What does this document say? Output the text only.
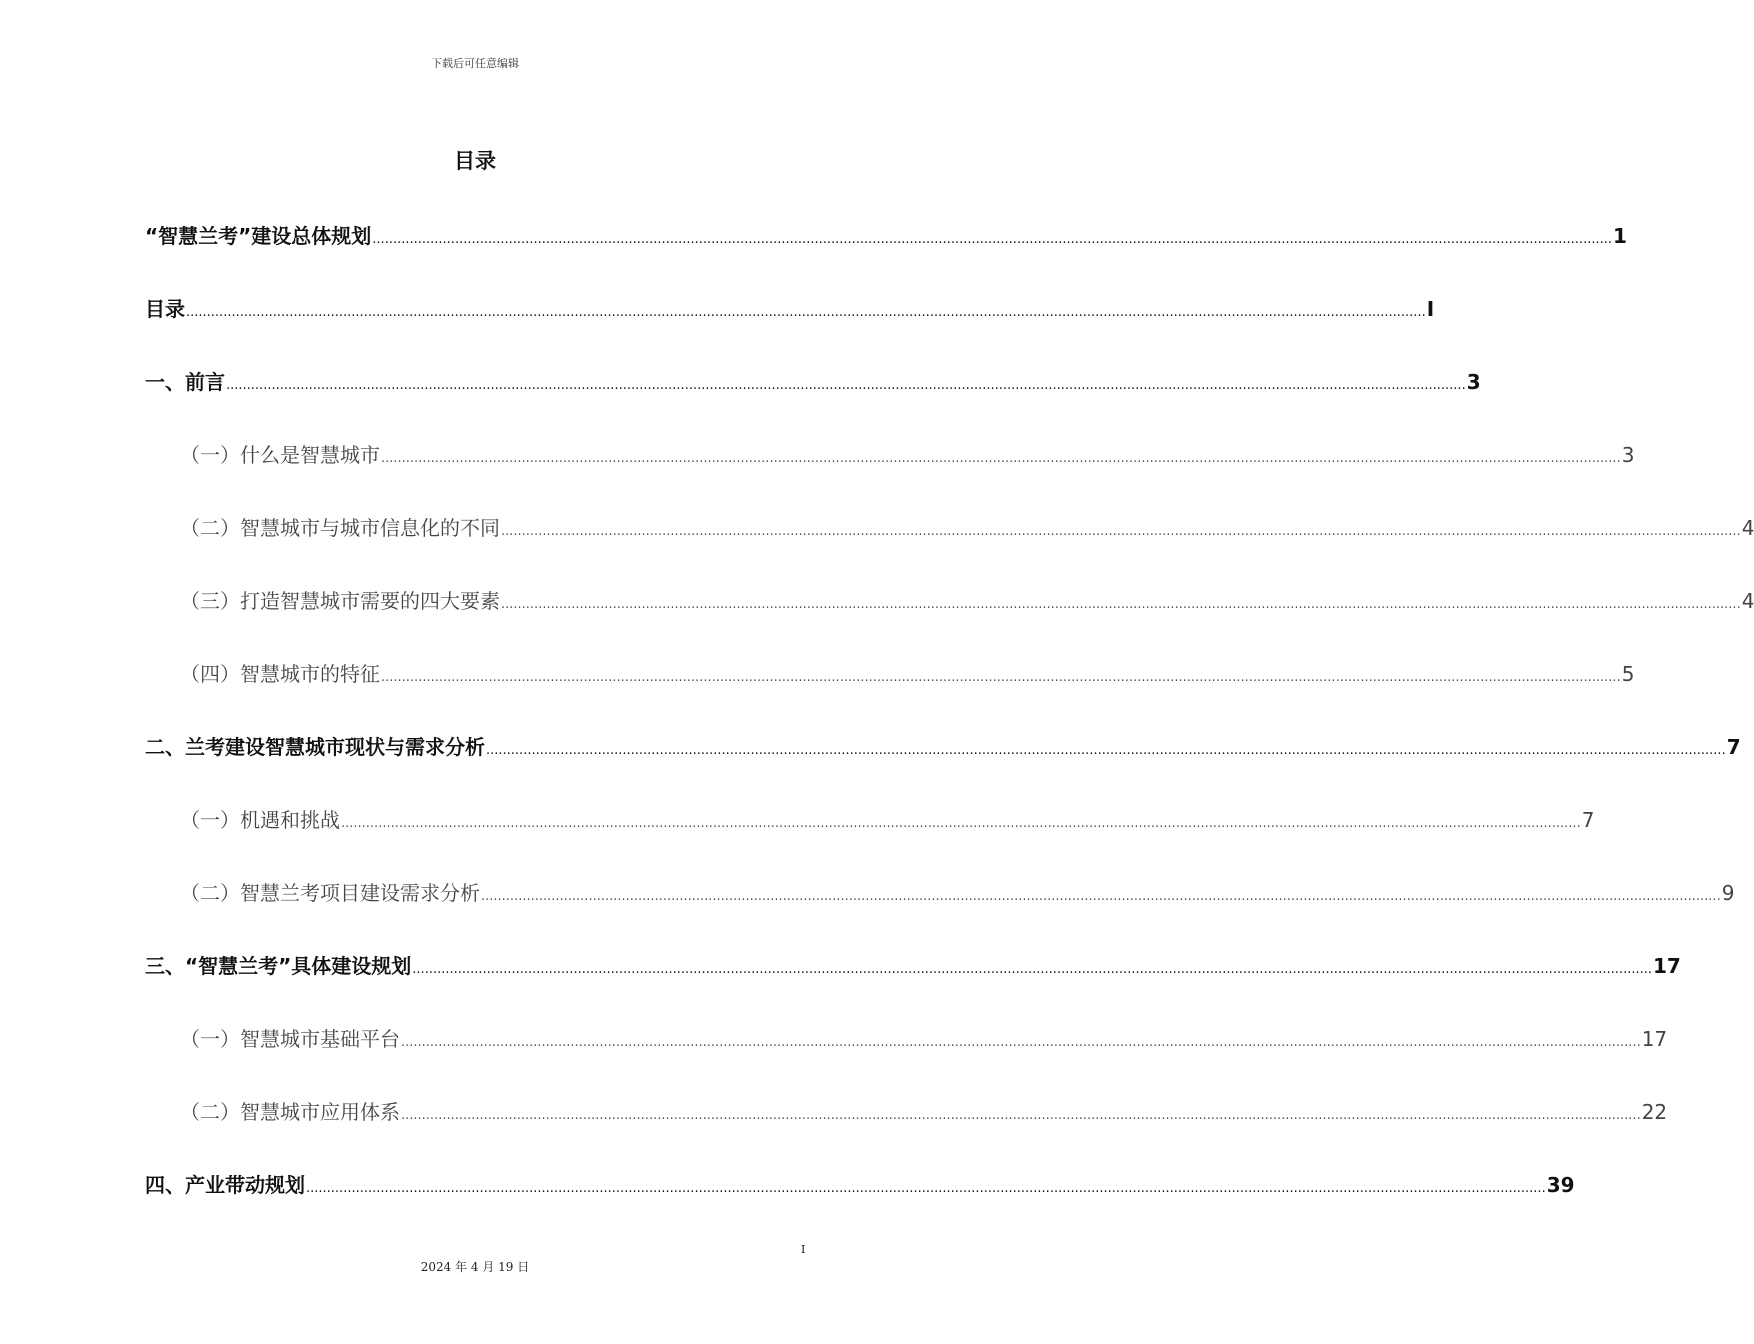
下载后可任意编辑
目录
“智慧兰考”建设总体规划 ............................................................................................................................................................................................................................................................................................................ 1
目录 ............................................................................................................................................................................................................................................................................................................ I
一、 前言 ............................................................................................................................................................................................................................................................................................................ 3
（一） 什么是智慧城市 ............................................................................................................................................................................................................................................................................................................ 3
（二） 智慧城市与城市信息化的不同 ............................................................................................................................................................................................................................................................................................................ 4
（三） 打造智慧城市需要的四大要素 ............................................................................................................................................................................................................................................................................................................ 4
（四） 智慧城市的特征 ............................................................................................................................................................................................................................................................................................................ 5
二、 兰考建设智慧城市现状与需求分析 ............................................................................................................................................................................................................................................................................................................ 7
（一） 机遇和挑战 ............................................................................................................................................................................................................................................................................................................ 7
（二） 智慧兰考项目建设需求分析 ............................................................................................................................................................................................................................................................................................................ 9
三、 “智慧兰考”具体建设规划 ............................................................................................................................................................................................................................................................................................................ 17
（一） 智慧城市基础平台 ............................................................................................................................................................................................................................................................................................................ 17
（二） 智慧城市应用体系 ............................................................................................................................................................................................................................................................................................................ 22
四、 产业带动规划 ............................................................................................................................................................................................................................................................................................................ 39
I
2024 年 4 月 19 日
